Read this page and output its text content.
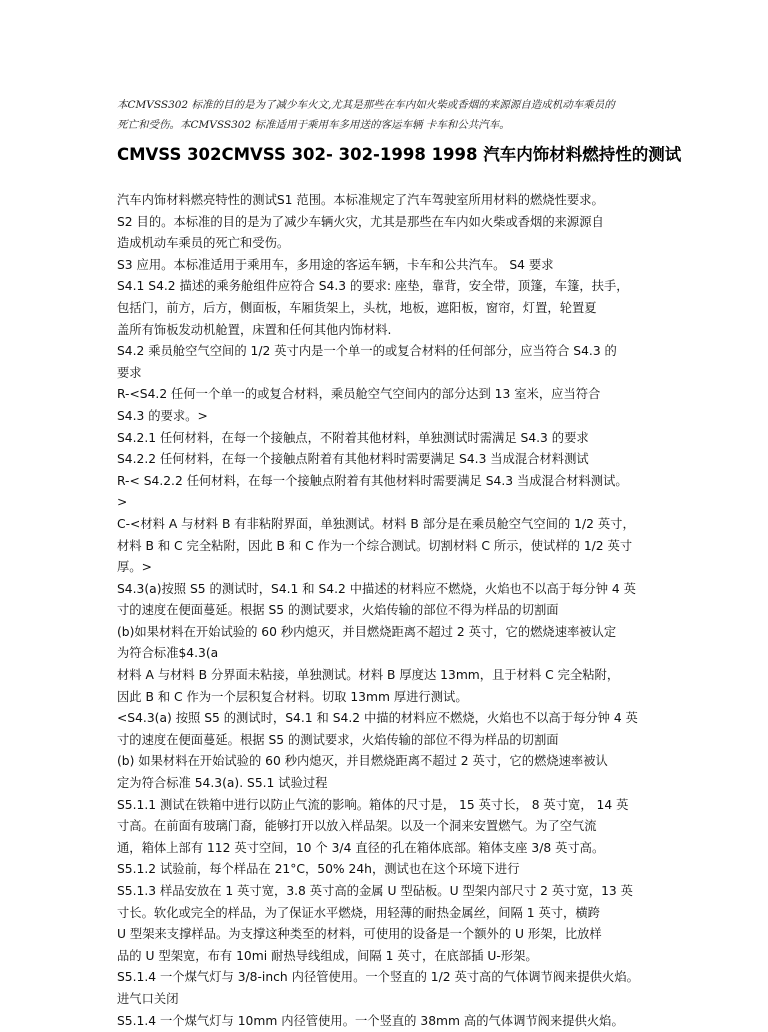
本CMVSS302 标准的目的是为了减少车火文,尤其是那些在车内如火柴或香烟的来源源自造成机动车乘员的
死亡和受伤。本CMVSS302 标准适用于乘用车多用送的客运车辆 卡车和公共汽车。
CMVSS 302CMVSS 302- 302-1998 1998 汽车内饰材料燃持性的测试
汽车内饰材料燃亮特性的测试S1 范围。本标准规定了汽车驾驶室所用材料的燃烧性要求。
S2 目的。本标准的目的是为了减少车辆火灾，尤其是那些在车内如火柴或香烟的来源源自
造成机动车乘员的死亡和受伤。
S3 应用。本标准适用于乘用车，多用途的客运车辆，卡车和公共汽车。 S4 要求
S4.1 S4.2 描述的乘务舱组件应符合 S4.3 的要求: 座垫，靠背，安全带，顶篷，车篷，扶手，
包括门，前方，后方，侧面板，车厢货架上，头枕，地板，遮阳板，窗帘，灯置，轮置夏
盖所有饰板发动机舱置，床置和任何其他内饰材料.
S4.2 乘员舱空气空间的 1/2 英寸内是一个单一的或复合材料的任何部分，应当符合 S4.3 的
要求
R-<S4.2 任何一个单一的或复合材料，乘员舱空气空间内的部分达到 13 室米，应当符合
S4.3 的要求。>
S4.2.1 任何材料，在每一个接触点，不附着其他材料，单独测试时需满足 S4.3 的要求
S4.2.2 任何材料，在每一个接触点附着有其他材料时需要满足 S4.3 当成混合材料测试
R-< S4.2.2 任何材料，在每一个接触点附着有其他材料时需要满足 S4.3 当成混合材料测试。
>
C-<材料 A 与材料 B 有非粘附界面，单独测试。材料 B 部分是在乘员舱空气空间的 1/2 英寸，
材料 B 和 C 完全粘附，因此 B 和 C 作为一个综合测试。切割材料 C 所示，使试样的 1/2 英寸
厚。>
S4.3(a)按照 S5 的测试时，S4.1 和 S4.2 中描述的材料应不燃烧，火焰也不以高于每分钟 4 英
寸的速度在便面蔓延。根据 S5 的测试要求，火焰传输的部位不得为样品的切割面
(b)如果材料在开始试验的 60 秒内熄灭，并目燃烧距离不超过 2 英寸，它的燃烧速率被认定
为符合标准$4.3(a
材料 A 与材料 B 分界面未粘接，单独测试。材料 B 厚度达 13mm，且于材料 C 完全粘附，
因此 B 和 C 作为一个层积复合材料。切取 13mm 厚进行测试。
<S4.3(a) 按照 S5 的测试时，S4.1 和 S4.2 中描的材料应不燃烧，火焰也不以高于每分钟 4 英
寸的速度在便面蔓延。根据 S5 的测试要求，火焰传输的部位不得为样品的切割面
(b) 如果材料在开始试验的 60 秒内熄灭，并目燃烧距离不超过 2 英寸，它的燃烧速率被认
定为符合标准 54.3(a). S5.1 试验过程
S5.1.1 测试在铁箱中进行以防止气流的影响。箱体的尺寸是， 15 英寸长， 8 英寸宽， 14 英
寸高。在前面有玻璃门裔，能够打开以放入样品架。以及一个洞来安置燃气。为了空气流
通，箱体上部有 112 英寸空间，10 个 3/4 直径的孔在箱体底部。箱体支座 3/8 英寸高。
S5.1.2 试验前，每个样品在 21°C，50% 24h，测试也在这个环境下进行
S5.1.3 样品安放在 1 英寸宽，3.8 英寸高的金属 U 型砧板。U 型架内部尺寸 2 英寸宽，13 英
寸长。软化或完全的样品，为了保证水平燃烧，用轻薄的耐热金属丝，间隔 1 英寸，横跨
U 型架来支撑样品。为支撑这种类至的材料，可使用的设备是一个额外的 U 形架，比放样
品的 U 型架宽，布有 10mi 耐热导线组成，间隔 1 英寸，在底部插 U-形架。
S5.1.4 一个煤气灯与 3/8-inch 内径管使用。一个竖直的 1/2 英寸高的气体调节阀来提供火焰。
进气口关闭
S5.1.4 一个煤气灯与 10mm 内径管使用。一个竖直的 38mm 高的气体调节阀来提供火焰。
